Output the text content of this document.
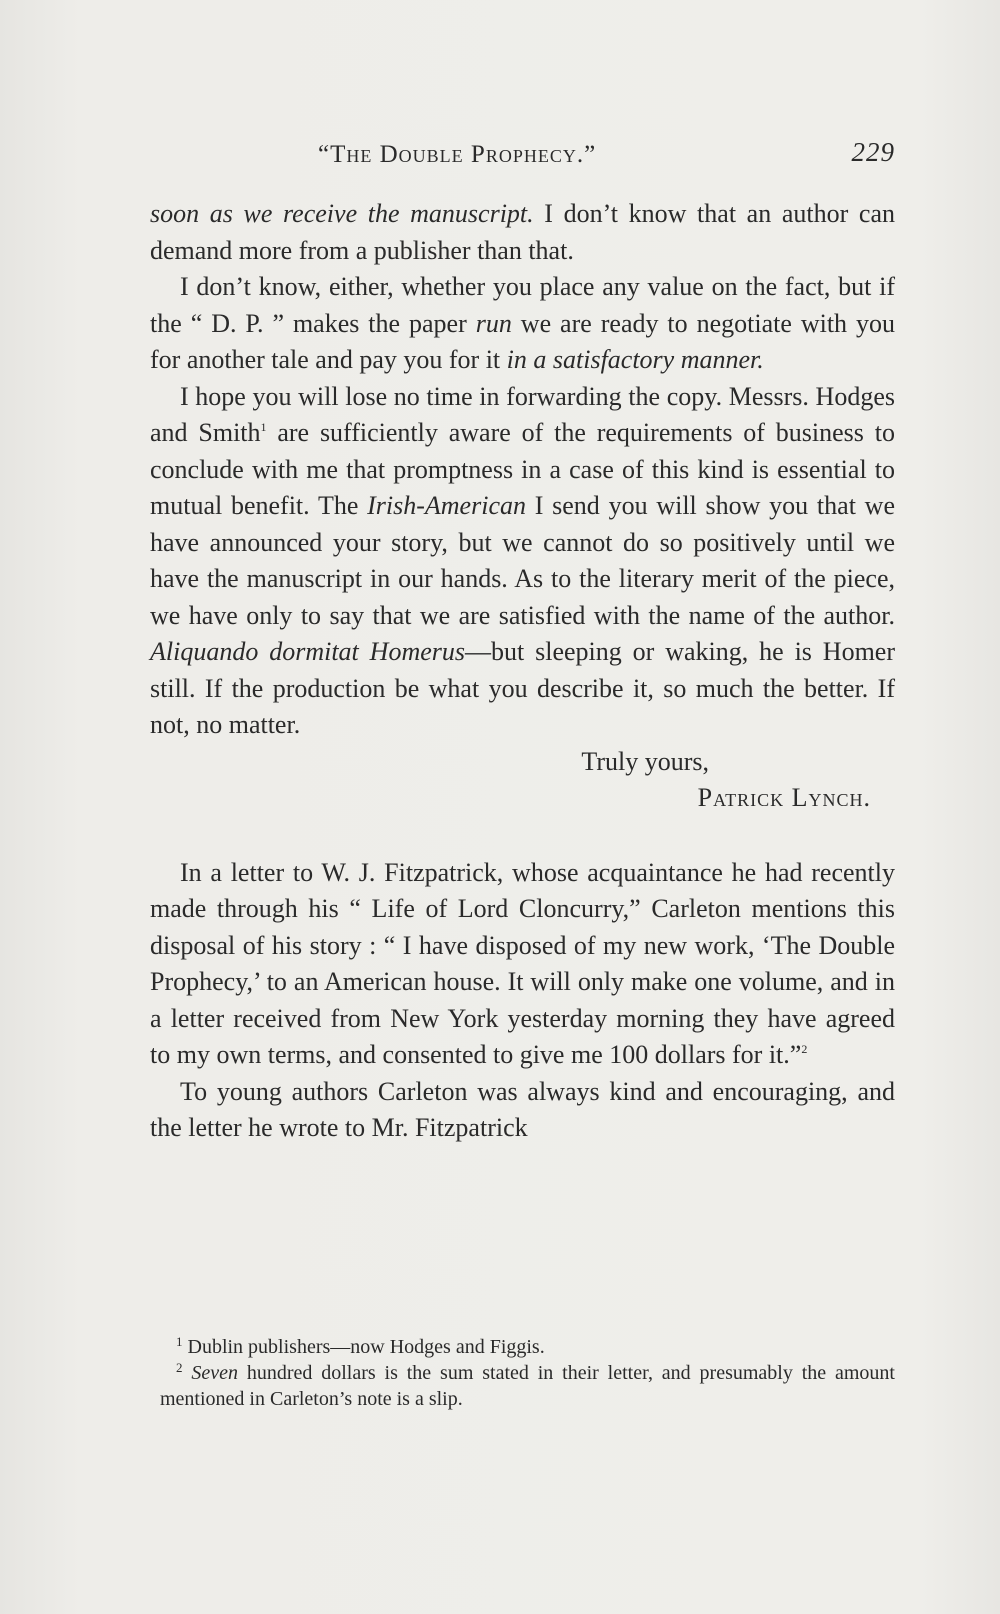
“The Double Prophecy.”	229

soon as we receive the manuscript. I don’t know that an author can demand more from a publisher than that.

I don’t know, either, whether you place any value on the fact, but if the “ D. P. ” makes the paper run we are ready to negotiate with you for another tale and pay you for it in a satisfactory manner.

I hope you will lose no time in forwarding the copy. Messrs. Hodges and Smith$^1$ are sufficiently aware of the requirements of business to conclude with me that promptness in a case of this kind is essential to mutual benefit. The Irish-American I send you will show you that we have announced your story, but we cannot do so positively until we have the manuscript in our hands. As to the literary merit of the piece, we have only to say that we are satisfied with the name of the author. Aliquando dormitat Homerus—but sleeping or waking, he is Homer still. If the production be what you describe it, so much the better. If not, no matter.

Truly yours,

Patrick Lynch.

In a letter to W. J. Fitzpatrick, whose acquaintance he had recently made through his “ Life of Lord Cloncurry,” Carleton mentions this disposal of his story : “ I have disposed of my new work, ‘The Double Prophecy,’ to an American house. It will only make one volume, and in a letter received from New York yesterday morning they have agreed to my own terms, and consented to give me 100 dollars for it.”$^2$

To young authors Carleton was always kind and encouraging, and the letter he wrote to Mr. Fitzpatrick

$^1$ Dublin publishers—now Hodges and Figgis.

$^2$ Seven hundred dollars is the sum stated in their letter, and presumably the amount mentioned in Carleton’s note is a slip.
